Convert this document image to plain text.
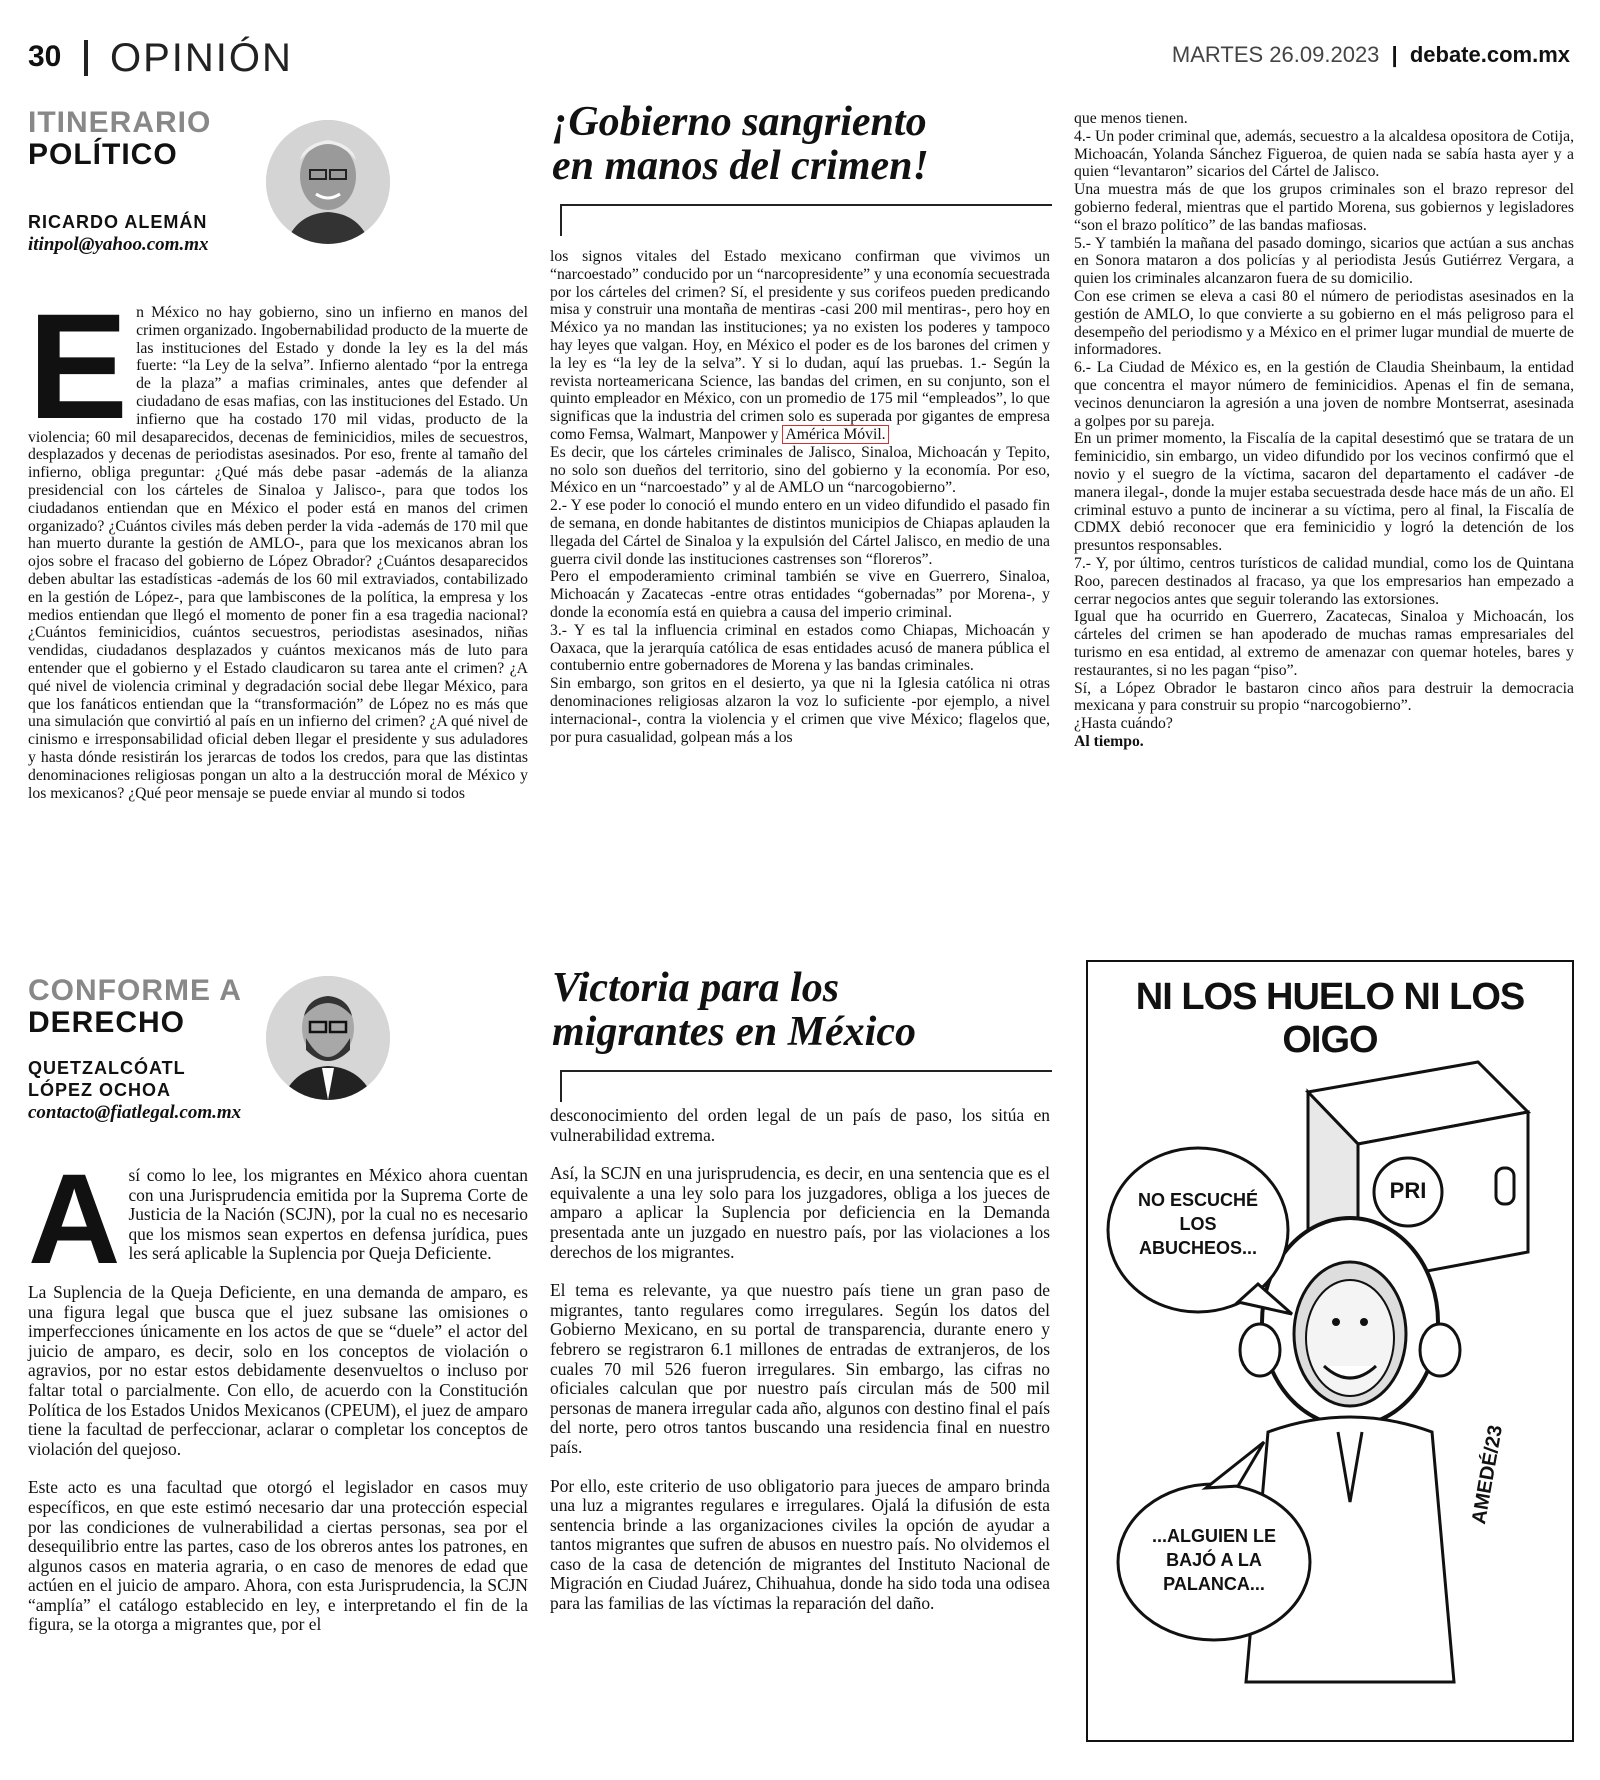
30 OPINIÓN	MARTES 26.09.2023 | debate.com.mx
ITINERARIO
POLÍTICO
RICARDO ALEMÁN
itinpol@yahoo.com.mx
¡Gobierno sangriento
en manos del crimen!
E n México no hay gobierno, sino un infierno en manos del crimen organizado. Ingobernabilidad producto de la muerte de las instituciones del Estado y donde la ley es la del más fuerte: “la Ley de la selva”. Infierno alentado “por la entrega de la plaza” a mafias criminales, antes que defender al ciudadano de esas mafias, con las instituciones del Estado. Un infierno que ha costado 170 mil vidas, producto de la violencia; 60 mil desaparecidos, decenas de feminicidios, miles de secuestros, desplazados y decenas de periodistas asesinados. Por eso, frente al tamaño del infierno, obliga preguntar: ¿Qué más debe pasar -además de la alianza presidencial con los cárteles de Sinaloa y Jalisco-, para que todos los ciudadanos entiendan que en México el poder está en manos del crimen organizado? ¿Cuántos civiles más deben perder la vida -además de 170 mil que han muerto durante la gestión de AMLO-, para que los mexicanos abran los ojos sobre el fracaso del gobierno de López Obrador? ¿Cuántos desaparecidos deben abultar las estadísticas -además de los 60 mil extraviados, contabilizado en la gestión de López-, para que lambiscones de la política, la empresa y los medios entiendan que llegó el momento de poner fin a esa tragedia nacional? ¿Cuántos feminicidios, cuántos secuestros, periodistas asesinados, niñas vendidas, ciudadanos desplazados y cuántos mexicanos más de luto para entender que el gobierno y el Estado claudicaron su tarea ante el crimen? ¿A qué nivel de violencia criminal y degradación social debe llegar México, para que los fanáticos entiendan que la “transformación” de López no es más que una simulación que convirtió al país en un infierno del crimen? ¿A qué nivel de cinismo e irresponsabilidad oficial deben llegar el presidente y sus aduladores y hasta dónde resistirán los jerarcas de todos los credos, para que las distintas denominaciones religiosas pongan un alto a la destrucción moral de México y los mexicanos? ¿Qué peor mensaje se puede enviar al mundo si todos

los signos vitales del Estado mexicano confirman que vivimos un “narcoestado” conducido por un “narcopresidente” y una economía secuestrada por los cárteles del crimen? Sí, el presidente y sus corifeos pueden predicando misa y construir una montaña de mentiras -casi 200 mil mentiras-, pero hoy en México ya no mandan las instituciones; ya no existen los poderes y tampoco hay leyes que valgan. Hoy, en México el poder es de los barones del crimen y la ley es “la ley de la selva”. Y si lo dudan, aquí las pruebas. 1.- Según la revista norteamericana Science, las bandas del crimen, en su conjunto, son el quinto empleador en México, con un promedio de 175 mil “empleados”, lo que significas que la industria del crimen solo es superada por gigantes de empresa como Femsa, Walmart, Manpower y América Móvil.

Es decir, que los cárteles criminales de Jalisco, Sinaloa, Michoacán y Tepito, no solo son dueños del territorio, sino del gobierno y la economía. Por eso, México en un “narcoestado” y al de AMLO un “narcogobierno”.

2.- Y ese poder lo conoció el mundo entero en un video difundido el pasado fin de semana, en donde habitantes de distintos municipios de Chiapas aplauden la llegada del Cártel de Sinaloa y la expulsión del Cártel Jalisco, en medio de una guerra civil donde las instituciones castrenses son “floreros”.

Pero el empoderamiento criminal también se vive en Guerrero, Sinaloa, Michoacán y Zacatecas -entre otras entidades “gobernadas” por Morena-, y donde la economía está en quiebra a causa del imperio criminal.

3.- Y es tal la influencia criminal en estados como Chiapas, Michoacán y Oaxaca, que la jerarquía católica de esas entidades acusó de manera pública el contubernio entre gobernadores de Morena y las bandas criminales.

Sin embargo, son gritos en el desierto, ya que ni la Iglesia católica ni otras denominaciones religiosas alzaron la voz lo suficiente -por ejemplo, a nivel internacional-, contra la violencia y el crimen que vive México; flagelos que, por pura casualidad, golpean más a los

que menos tienen.

4.- Un poder criminal que, además, secuestro a la alcaldesa opositora de Cotija, Michoacán, Yolanda Sánchez Figueroa, de quien nada se sabía hasta ayer y a quien “levantaron” sicarios del Cártel de Jalisco.

Una muestra más de que los grupos criminales son el brazo represor del gobierno federal, mientras que el partido Morena, sus gobiernos y legisladores “son el brazo político” de las bandas mafiosas.

5.- Y también la mañana del pasado domingo, sicarios que actúan a sus anchas en Sonora mataron a dos policías y al periodista Jesús Gutiérrez Vergara, a quien los criminales alcanzaron fuera de su domicilio.

Con ese crimen se eleva a casi 80 el número de periodistas asesinados en la gestión de AMLO, lo que convierte a su gobierno en el más peligroso para el desempeño del periodismo y a México en el primer lugar mundial de muerte de informadores.

6.- La Ciudad de México es, en la gestión de Claudia Sheinbaum, la entidad que concentra el mayor número de feminicidios. Apenas el fin de semana, vecinos denunciaron la agresión a una joven de nombre Montserrat, asesinada a golpes por su pareja.

En un primer momento, la Fiscalía de la capital desestimó que se tratara de un feminicidio, sin embargo, un video difundido por los vecinos confirmó que el novio y el suegro de la víctima, sacaron del departamento el cadáver -de manera ilegal-, donde la mujer estaba secuestrada desde hace más de un año. El criminal estuvo a punto de incinerar a su víctima, pero al final, la Fiscalía de CDMX debió reconocer que era feminicidio y logró la detención de los presuntos responsables.

7.- Y, por último, centros turísticos de calidad mundial, como los de Quintana Roo, parecen destinados al fracaso, ya que los empresarios han empezado a cerrar negocios antes que seguir tolerando las extorsiones.

Igual que ha ocurrido en Guerrero, Zacatecas, Sinaloa y Michoacán, los cárteles del crimen se han apoderado de muchas ramas empresariales del turismo en esa entidad, al extremo de amenazar con quemar hoteles, bares y restaurantes, si no les pagan “piso”.

Sí, a López Obrador le bastaron cinco años para destruir la democracia mexicana y para construir su propio “narcogobierno”.

¿Hasta cuándo?

Al tiempo.

CONFORME A
DERECHO
QUETZALCÓATL
LÓPEZ OCHOA
contacto@fiatlegal.com.mx
Victoria para los
migrantes en México
A sí como lo lee, los migrantes en México ahora cuentan con una Jurisprudencia emitida por la Suprema Corte de Justicia de la Nación (SCJN), por la cual no es necesario que los mismos sean expertos en defensa jurídica, pues les será aplicable la Suplencia por Queja Deficiente.

La Suplencia de la Queja Deficiente, en una demanda de amparo, es una figura legal que busca que el juez subsane las omisiones o imperfecciones únicamente en los actos de que se “duele” el actor del juicio de amparo, es decir, solo en los conceptos de violación o agravios, por no estar estos debidamente desenvueltos o incluso por faltar total o parcialmente. Con ello, de acuerdo con la Constitución Política de los Estados Unidos Mexicanos (CPEUM), el juez de amparo tiene la facultad de perfeccionar, aclarar o completar los conceptos de violación del quejoso.

Este acto es una facultad que otorgó el legislador en casos muy específicos, en que este estimó necesario dar una protección especial por las condiciones de vulnerabilidad a ciertas personas, sea por el desequilibrio entre las partes, caso de los obreros antes los patrones, en algunos casos en materia agraria, o en caso de menores de edad que actúen en el juicio de amparo. Ahora, con esta Jurisprudencia, la SCJN “amplía” el catálogo establecido en ley, e interpretando el fin de la figura, se la otorga a migrantes que, por el

desconocimiento del orden legal de un país de paso, los sitúa en vulnerabilidad extrema.

Así, la SCJN en una jurisprudencia, es decir, en una sentencia que es el equivalente a una ley solo para los juzgadores, obliga a los jueces de amparo a aplicar la Suplencia por deficiencia en la Demanda presentada ante un juzgado en nuestro país, por las violaciones a los derechos de los migrantes.

El tema es relevante, ya que nuestro país tiene un gran paso de migrantes, tanto regulares como irregulares. Según los datos del Gobierno Mexicano, en su portal de transparencia, durante enero y febrero se registraron 6.1 millones de entradas de extranjeros, de los cuales 70 mil 526 fueron irregulares. Sin embargo, las cifras no oficiales calculan que por nuestro país circulan más de 500 mil personas de manera irregular cada año, algunos con destino final el país del norte, pero otros tantos buscando una residencia final en nuestro país.

Por ello, este criterio de uso obligatorio para jueces de amparo brinda una luz a migrantes regulares e irregulares. Ojalá la difusión de esta sentencia brinde a las organizaciones civiles la opción de ayudar a tantos migrantes que sufren de abusos en nuestro país. No olvidemos el caso de la casa de detención de migrantes del Instituto Nacional de Migración en Ciudad Juárez, Chihuahua, donde ha sido toda una odisea para las familias de las víctimas la reparación del daño.

NI LOS HUELO NI LOS OIGO
PRI
NO ESCUCHÉ LOS ABUCHEOS...
...ALGUIEN LE BAJÓ A LA PALANCA...
AMEDÉ/23
